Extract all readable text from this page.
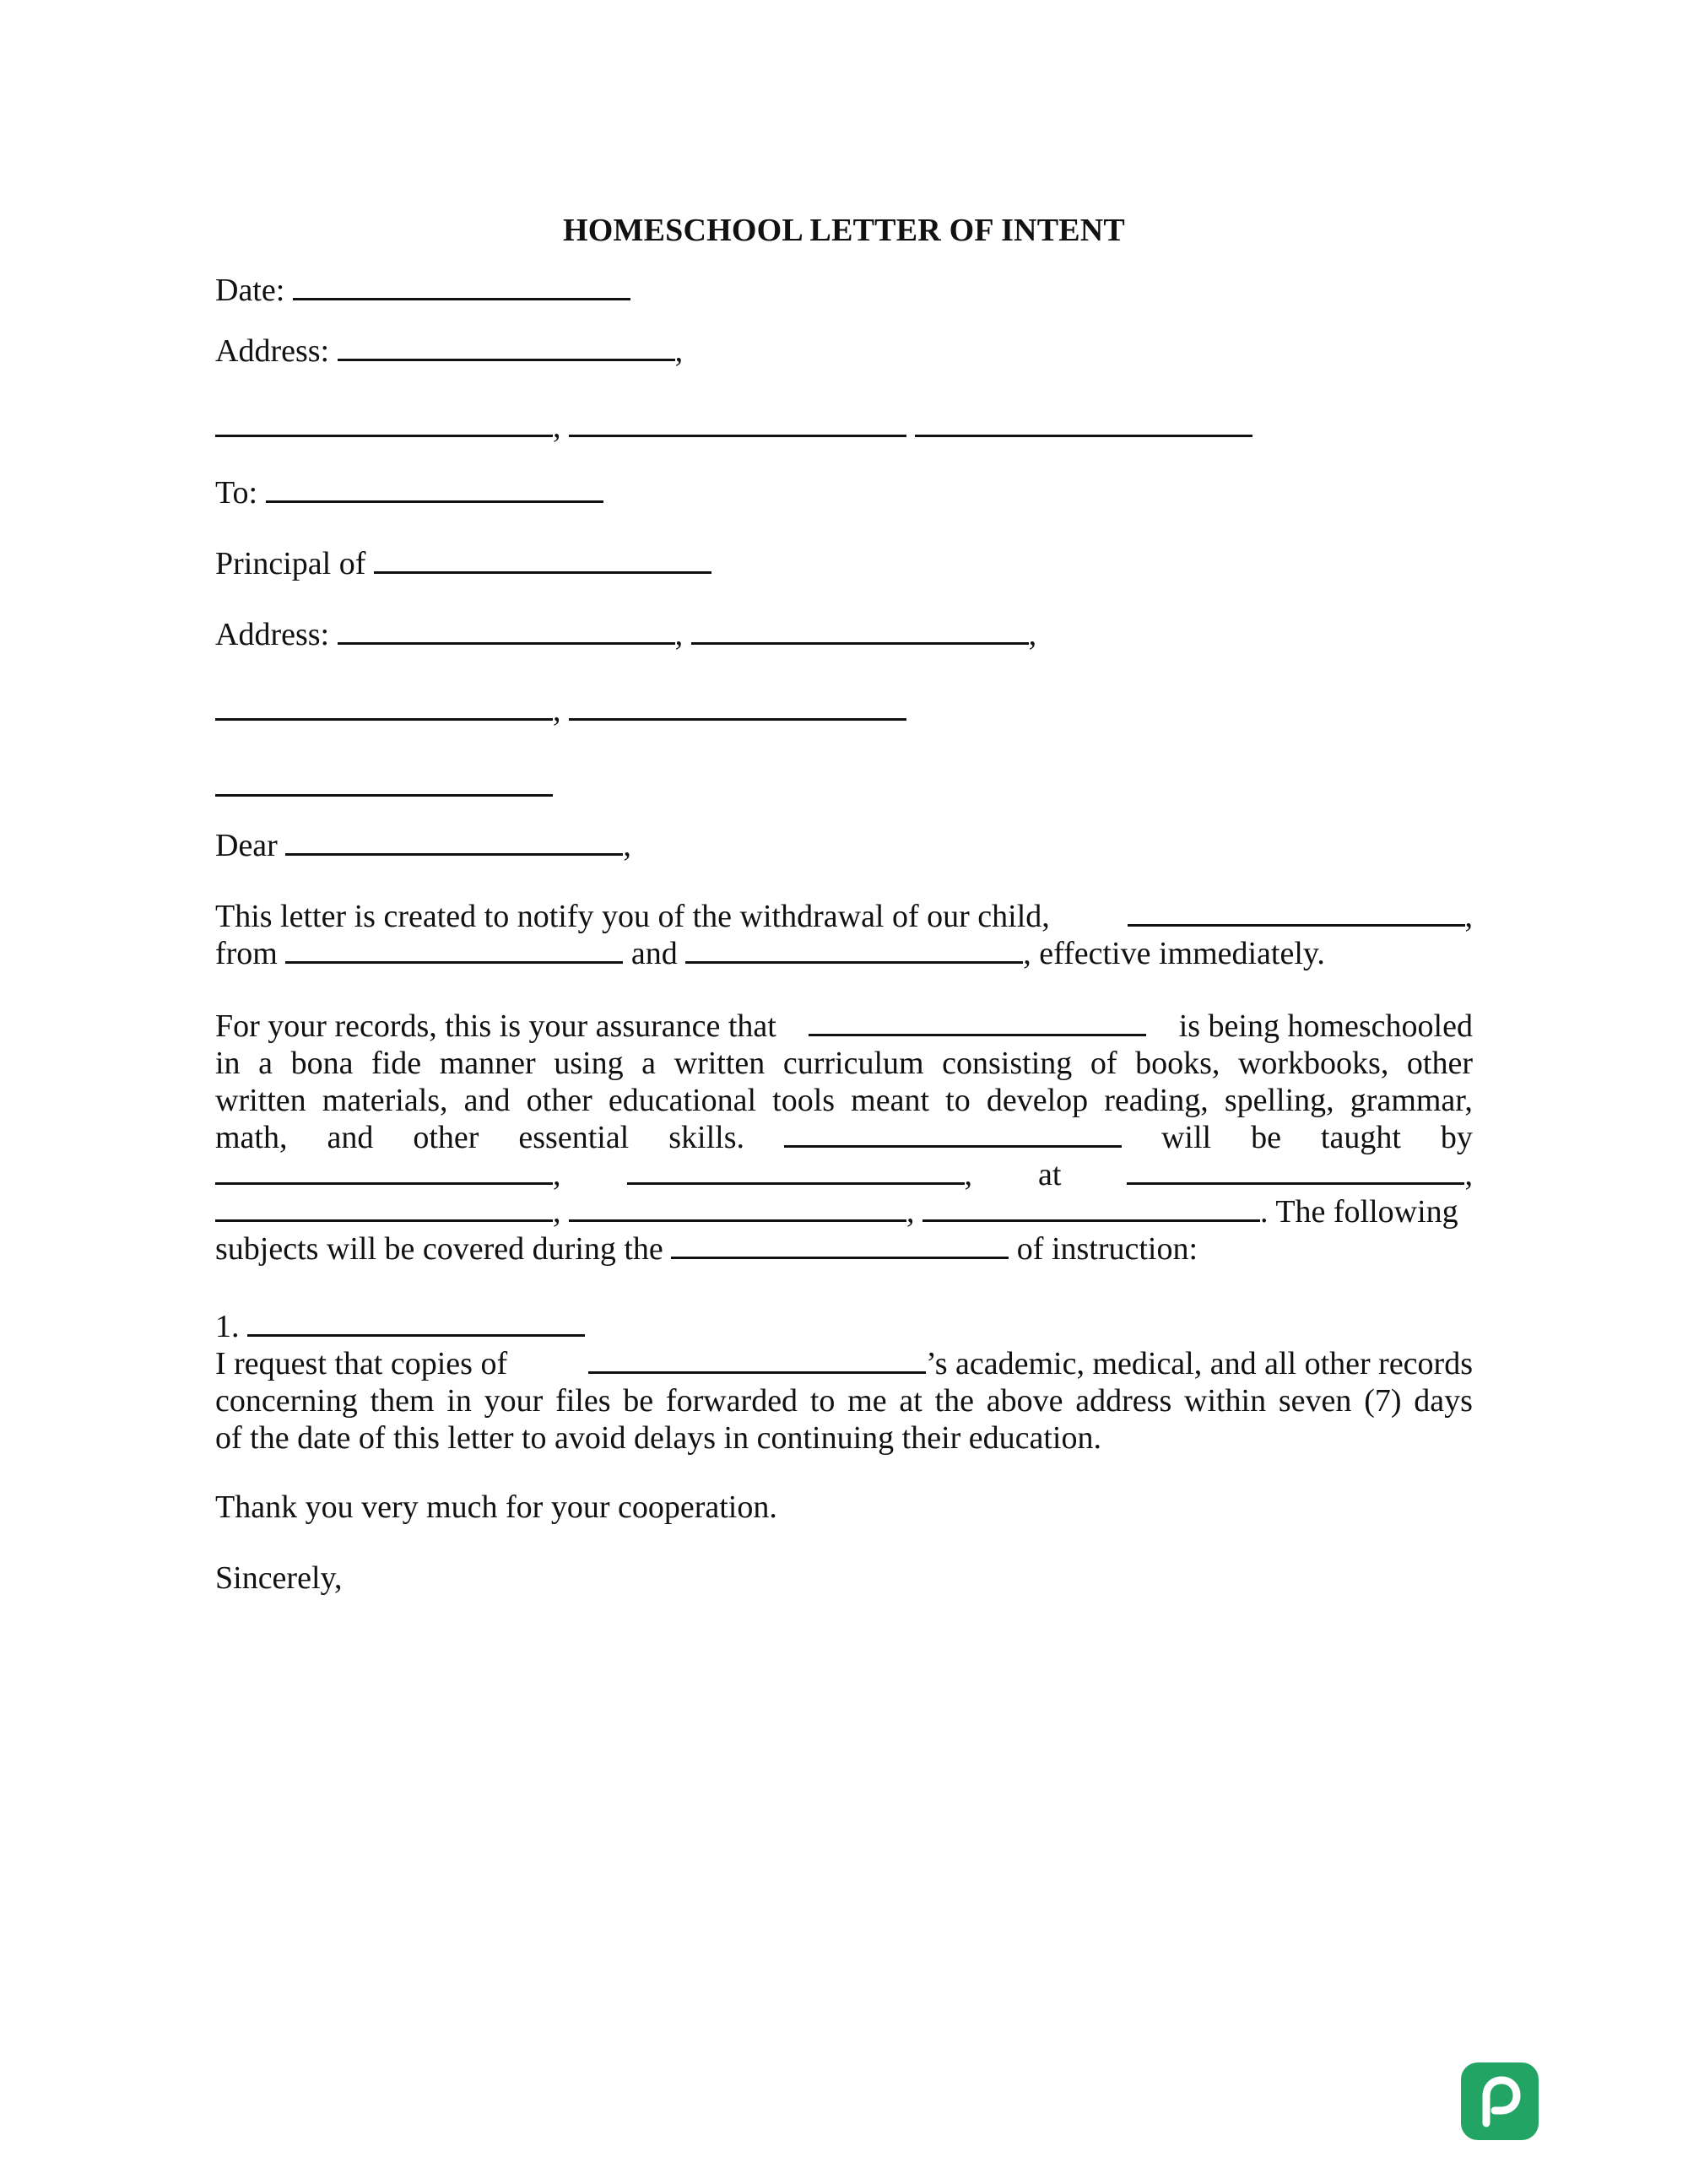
HOMESCHOOL LETTER OF INTENT
Date:
Address:	,
,
To:
Principal of
Address:	,	,
,
Dear	,
This letter is created to notify you of the withdrawal of our child,	,
from	and	, effective immediately.
For your records, this is your assurance that	is being homeschooled
in a bona fide manner using a written curriculum consisting of books, workbooks, other
written materials, and other educational tools meant to develop reading, spelling, grammar,
math, and other essential skills.	will be taught by
,	, at	,
,	,	. The following
subjects will be covered during the	of instruction:
1.
I request that copies of	’s academic, medical, and all other records
concerning them in your files be forwarded to me at the above address within seven (7) days
of the date of this letter to avoid delays in continuing their education.
Thank you very much for your cooperation.
Sincerely,
